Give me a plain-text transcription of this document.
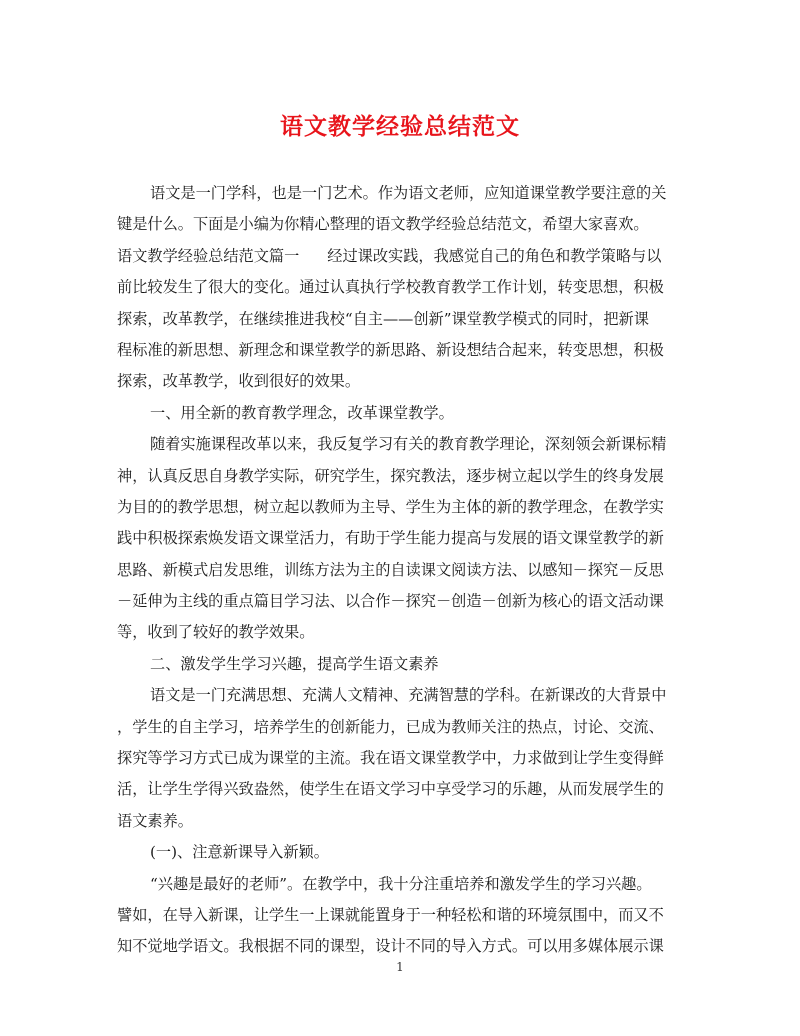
语文教学经验总结范文
语文是一门学科，也是一门艺术。作为语文老师，应知道课堂教学要注意的关
键是什么。下面是小编为你精心整理的语文教学经验总结范文，希望大家喜欢。
语文教学经验总结范文篇一 经过课改实践，我感觉自己的角色和教学策略与以
前比较发生了很大的变化。通过认真执行学校教育教学工作计划，转变思想，积极
探索，改革教学，在继续推进我校“自主——创新”课堂教学模式的同时，把新课
程标准的新思想、新理念和课堂教学的新思路、新设想结合起来，转变思想，积极
探索，改革教学，收到很好的效果。
一、用全新的教育教学理念，改革课堂教学。
随着实施课程改革以来，我反复学习有关的教育教学理论，深刻领会新课标精
神，认真反思自身教学实际，研究学生，探究教法，逐步树立起以学生的终身发展
为目的的教学思想，树立起以教师为主导、学生为主体的新的教学理念，在教学实
践中积极探索焕发语文课堂活力，有助于学生能力提高与发展的语文课堂教学的新
思路、新模式启发思维，训练方法为主的自读课文阅读方法、以感知－探究－反思
－延伸为主线的重点篇目学习法、以合作－探究－创造－创新为核心的语文活动课
等，收到了较好的教学效果。
二、激发学生学习兴趣，提高学生语文素养
语文是一门充满思想、充满人文精神、充满智慧的学科。在新课改的大背景中
，学生的自主学习，培养学生的创新能力，已成为教师关注的热点，讨论、交流、
探究等学习方式已成为课堂的主流。我在语文课堂教学中，力求做到让学生变得鲜
活，让学生学得兴致盎然，使学生在语文学习中享受学习的乐趣，从而发展学生的
语文素养。
(一)、注意新课导入新颖。
“兴趣是最好的老师”。在教学中，我十分注重培养和激发学生的学习兴趣。
譬如，在导入新课，让学生一上课就能置身于一种轻松和谐的环境氛围中，而又不
知不觉地学语文。我根据不同的课型，设计不同的导入方式。可以用多媒体展示课
1
